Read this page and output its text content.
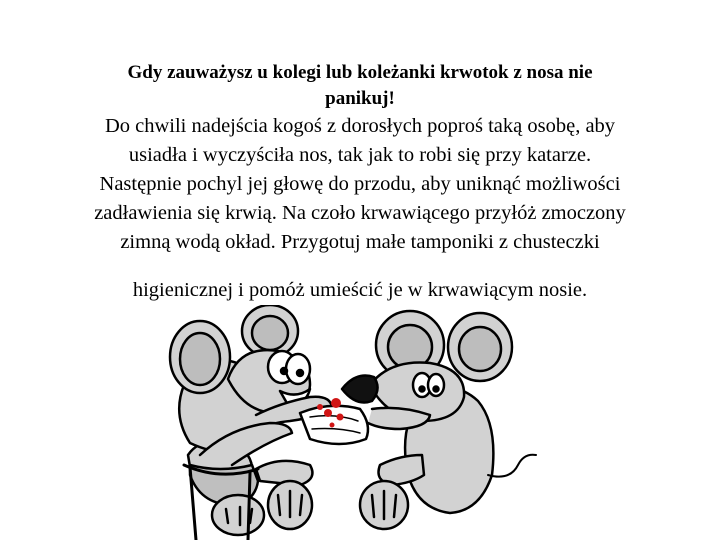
Gdy zauważysz u kolegi lub koleżanki krwotok z nosa nie

panikuj!

Do chwili nadejścia kogoś z dorosłych poproś taką osobę, aby

usiadła i wyczyściła nos, tak jak to robi się przy katarze.

Następnie pochyl jej głowę do przodu, aby uniknąć możliwości

zadławienia się krwią. Na czoło krwawiącego przyłóż zmoczony

zimną wodą okład. Przygotuj małe tamponiki z chusteczki

higienicznej i pomóż umieścić je w krwawiącym nosie.
